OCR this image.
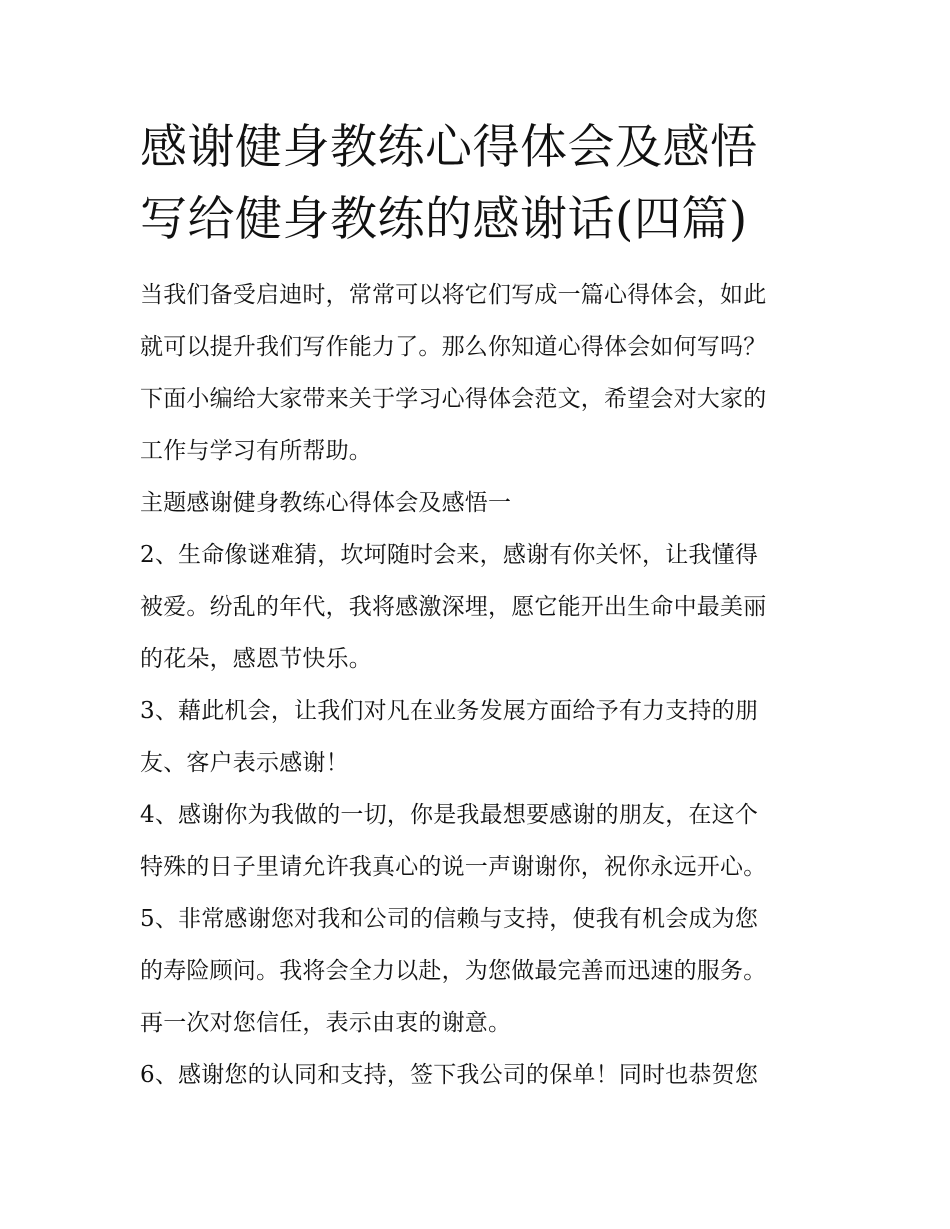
感谢健身教练心得体会及感悟
写给健身教练的感谢话(四篇)

当我们备受启迪时，常常可以将它们写成一篇心得体会，如此
就可以提升我们写作能力了。那么你知道心得体会如何写吗？
下面小编给大家带来关于学习心得体会范文，希望会对大家的
工作与学习有所帮助。

主题感谢健身教练心得体会及感悟一

2、生命像谜难猜，坎坷随时会来，感谢有你关怀，让我懂得
被爱。纷乱的年代，我将感激深埋，愿它能开出生命中最美丽
的花朵，感恩节快乐。

3、藉此机会，让我们对凡在业务发展方面给予有力支持的朋
友、客户表示感谢！

4、感谢你为我做的一切，你是我最想要感谢的朋友，在这个
特殊的日子里请允许我真心的说一声谢谢你，祝你永远开心。

5、非常感谢您对我和公司的信赖与支持，使我有机会成为您
的寿险顾问。我将会全力以赴，为您做最完善而迅速的服务。
再一次对您信任，表示由衷的谢意。

6、感谢您的认同和支持，签下我公司的保单！同时也恭贺您
